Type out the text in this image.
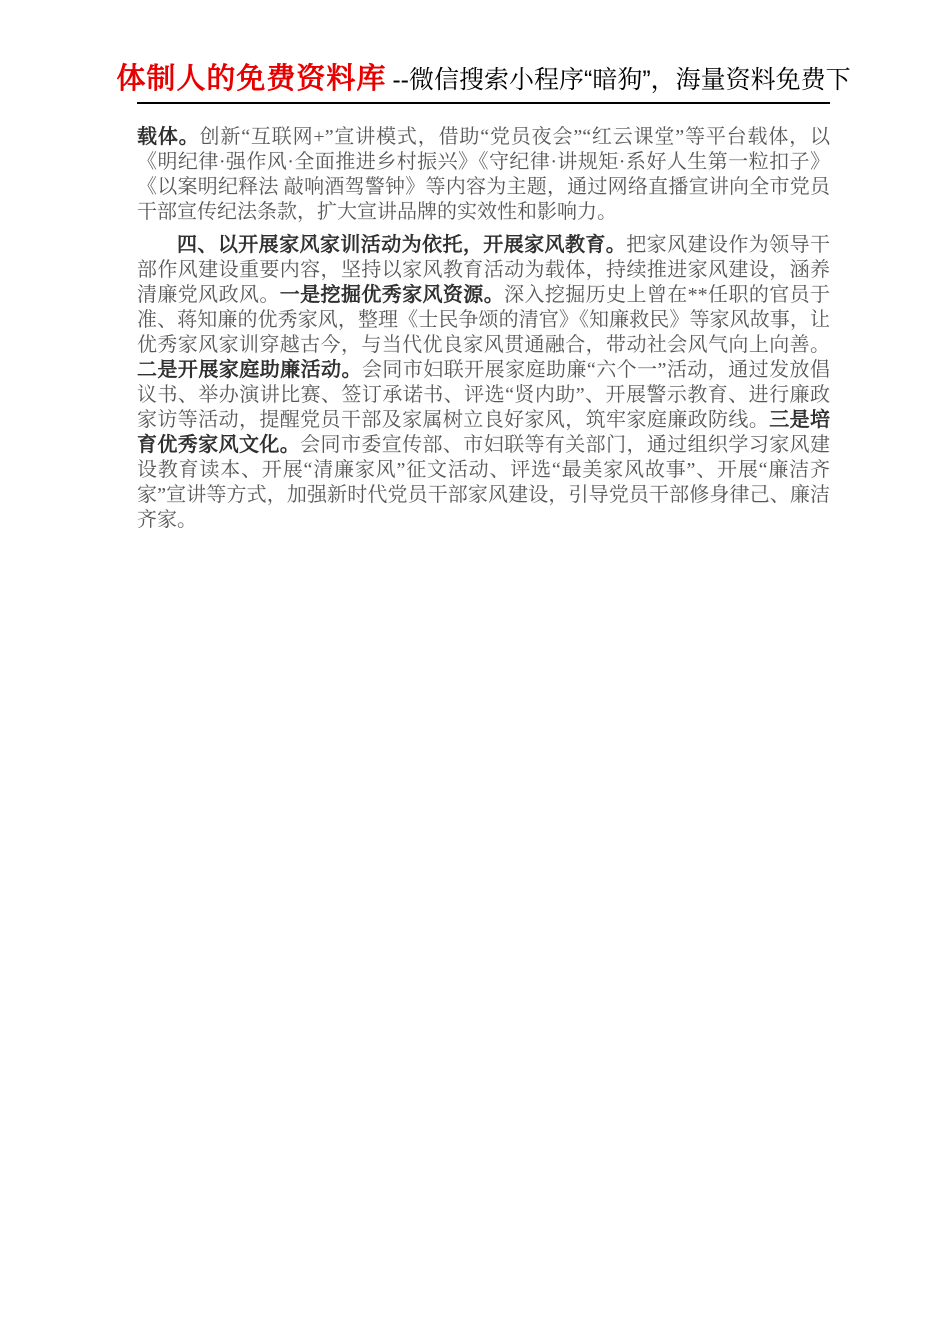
体制人的免费资料库 --微信搜索小程序“暗狗”，海量资料免费下

载体。创新“互联网+”宣讲模式，借助“党员夜会”“红云课堂”等平台载体，以《明纪律·强作风·全面推进乡村振兴》《守纪律·讲规矩·系好人生第一粒扣子》《以案明纪释法 敲响酒驾警钟》等内容为主题，通过网络直播宣讲向全市党员干部宣传纪法条款，扩大宣讲品牌的实效性和影响力。

四、以开展家风家训活动为依托，开展家风教育。把家风建设作为领导干部作风建设重要内容，坚持以家风教育活动为载体，持续推进家风建设，涵养清廉党风政风。一是挖掘优秀家风资源。深入挖掘历史上曾在**任职的官员于准、蒋知廉的优秀家风，整理《士民争颂的清官》《知廉救民》等家风故事，让优秀家风家训穿越古今，与当代优良家风贯通融合，带动社会风气向上向善。二是开展家庭助廉活动。会同市妇联开展家庭助廉“六个一”活动，通过发放倡议书、举办演讲比赛、签订承诺书、评选“贤内助”、开展警示教育、进行廉政家访等活动，提醒党员干部及家属树立良好家风，筑牢家庭廉政防线。三是培育优秀家风文化。会同市委宣传部、市妇联等有关部门，通过组织学习家风建设教育读本、开展“清廉家风”征文活动、评选“最美家风故事”、开展“廉洁齐家”宣讲等方式，加强新时代党员干部家风建设，引导党员干部修身律己、廉洁齐家。
